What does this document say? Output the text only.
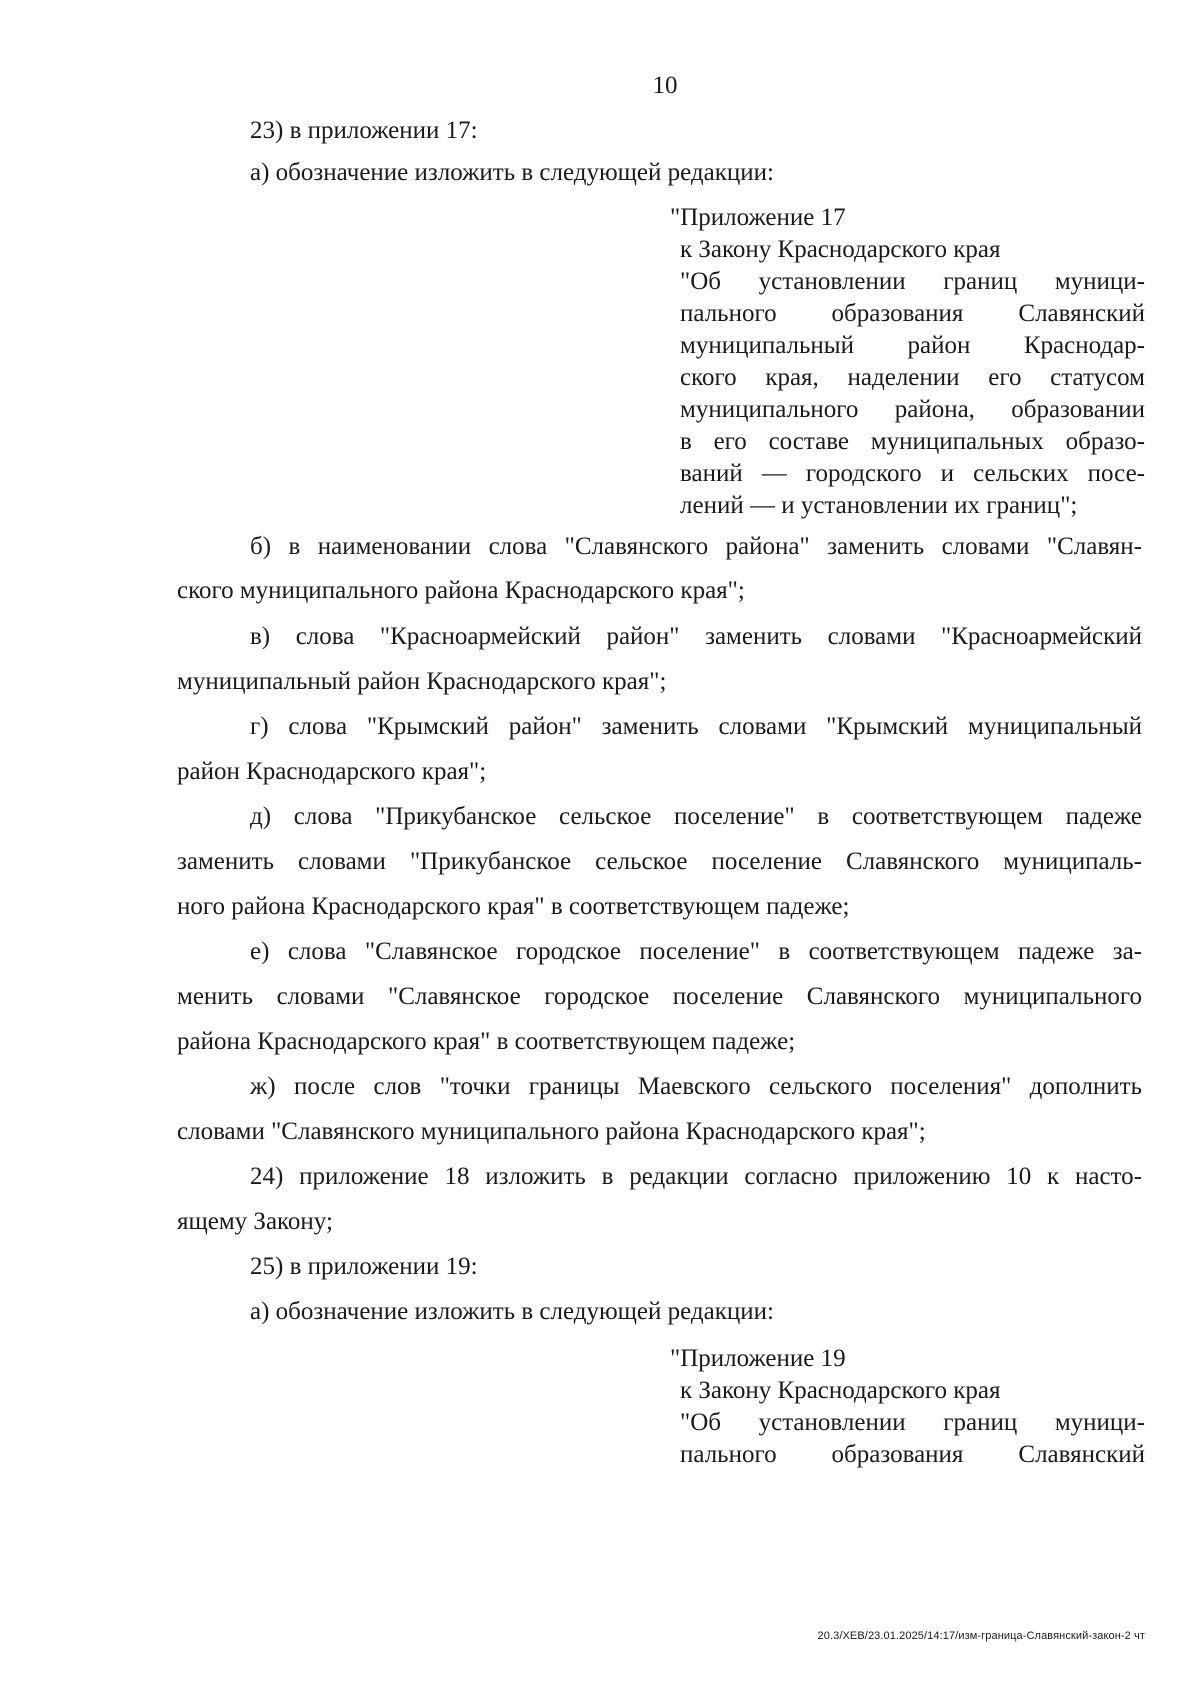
10
23) в приложении 17:
а) обозначение изложить в следующей редакции:
"Приложение 17
к Закону Краснодарского края
"Об установлении границ муници-
пального образования Славянский
муниципальный район Краснодар-
ского края, наделении его статусом
муниципального района, образовании
в его составе муниципальных образо-
ваний — городского и сельских посе-
лений — и установлении их границ";
б) в наименовании слова "Славянского района" заменить словами "Славян-
ского муниципального района Краснодарского края";
в) слова "Красноармейский район" заменить словами "Красноармейский
муниципальный район Краснодарского края";
г) слова "Крымский район" заменить словами "Крымский муниципальный
район Краснодарского края";
д) слова "Прикубанское сельское поселение" в соответствующем падеже
заменить словами "Прикубанское сельское поселение Славянского муниципаль-
ного района Краснодарского края" в соответствующем падеже;
е) слова "Славянское городское поселение" в соответствующем падеже за-
менить словами "Славянское городское поселение Славянского муниципального
района Краснодарского края" в соответствующем падеже;
ж) после слов "точки границы Маевского сельского поселения" дополнить
словами "Славянского муниципального района Краснодарского края";
24) приложение 18 изложить в редакции согласно приложению 10 к насто-
ящему Закону;
25) в приложении 19:
а) обозначение изложить в следующей редакции:
"Приложение 19
к Закону Краснодарского края
"Об установлении границ муници-
пального образования Славянский
20.3/ХЕВ/23.01.2025/14:17/изм-граница-Славянский-закон-2 чт
